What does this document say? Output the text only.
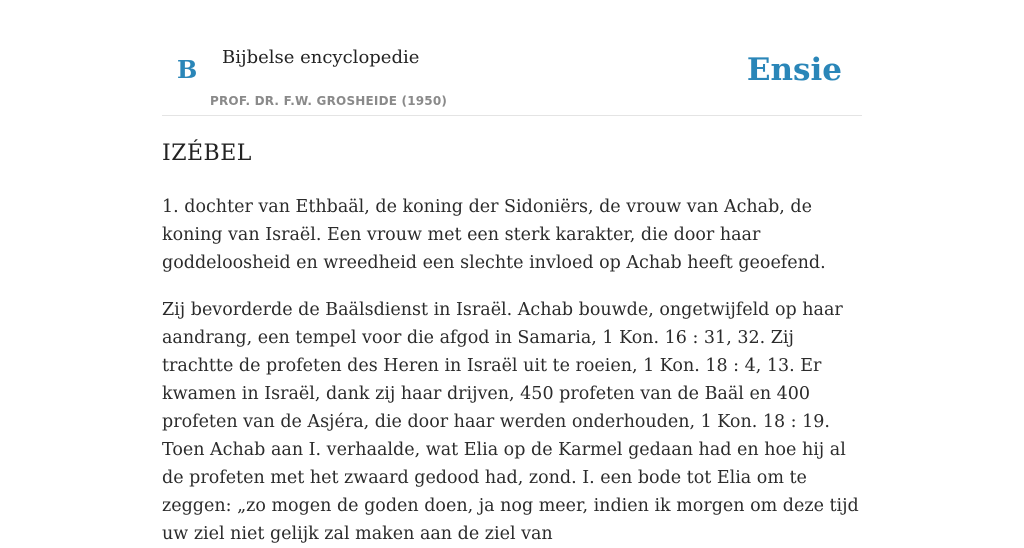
B Bijbelse encyclopedie
PROF. DR. F.W. GROSHEIDE (1950)
Ensie
IZÉBEL

1. dochter van Ethbaäl, de koning der Sidoniërs, de vrouw van Achab, de koning van Israël. Een vrouw met een sterk karakter, die door haar goddeloosheid en wreedheid een slechte invloed op Achab heeft geoefend.

Zij bevorderde de Baälsdienst in Israël. Achab bouwde, ongetwijfeld op haar aandrang, een tempel voor die afgod in Samaria, 1 Kon. 16 : 31, 32. Zij trachtte de profeten des Heren in Israël uit te roeien, 1 Kon. 18 : 4, 13. Er kwamen in Israël, dank zij haar drijven, 450 profeten van de Baäl en 400 profeten van de Asjéra, die door haar werden onderhouden, 1 Kon. 18 : 19. Toen Achab aan I. verhaalde, wat Elia op de Karmel gedaan had en hoe hij al de profeten met het zwaard gedood had, zond. I. een bode tot Elia om te zeggen: „zo mogen de goden doen, ja nog meer, indien ik morgen om deze tijd uw ziel niet gelijk zal maken aan de ziel van
